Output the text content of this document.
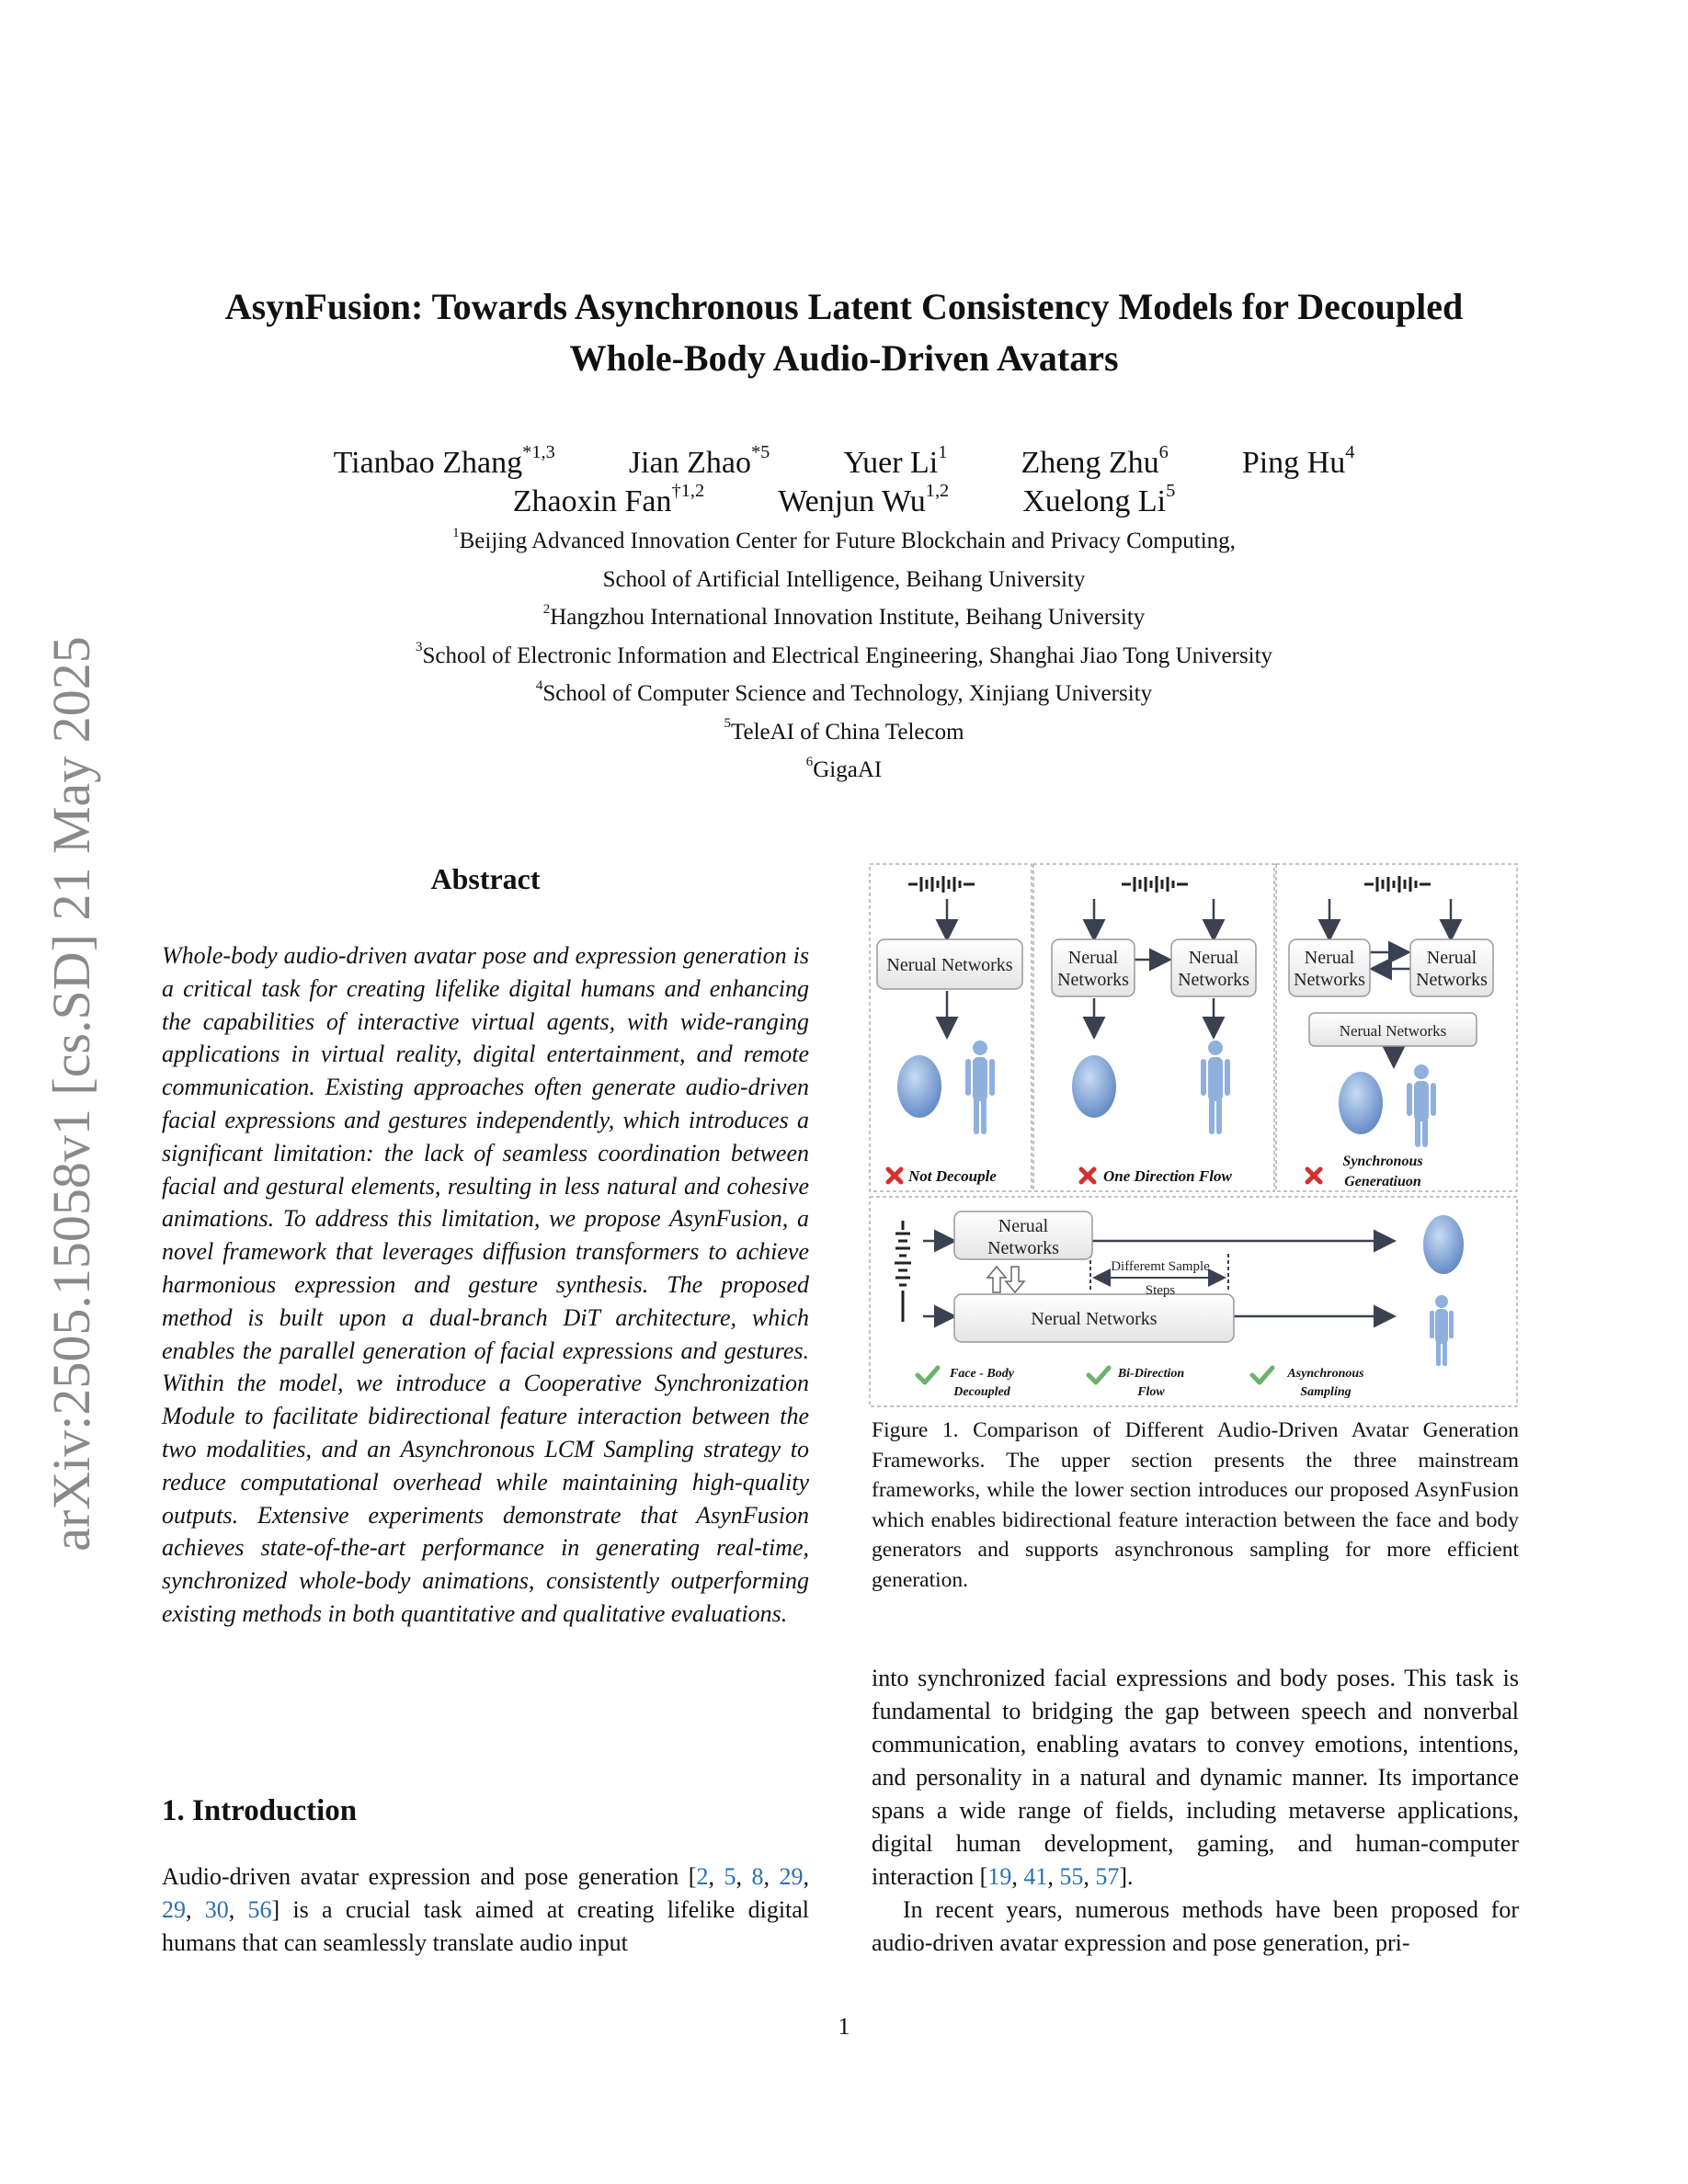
arXiv:2505.15058v1 [cs.SD] 21 May 2025
AsynFusion: Towards Asynchronous Latent Consistency Models for Decoupled
Whole-Body Audio-Driven Avatars
Tianbao Zhang$^{*1,3}$ Jian Zhao$^{*5}$ Yuer Li$^1$ Zheng Zhu$^6$ Ping Hu$^4$
Zhaoxin Fan$^{\dagger 1,2}$ Wenjun Wu$^{1,2}$ Xuelong Li$^5$
$^1$Beijing Advanced Innovation Center for Future Blockchain and Privacy Computing,
School of Artificial Intelligence, Beihang University
$^2$Hangzhou International Innovation Institute, Beihang University
$^3$School of Electronic Information and Electrical Engineering, Shanghai Jiao Tong University
$^4$School of Computer Science and Technology, Xinjiang University
$^5$TeleAI of China Telecom
$^6$GigaAI
Abstract
Whole-body audio-driven avatar pose and expression generation is a critical task for creating lifelike digital humans and enhancing the capabilities of interactive virtual agents, with wide-ranging applications in virtual reality, digital entertainment, and remote communication. Existing approaches often generate audio-driven facial expressions and gestures independently, which introduces a significant limitation: the lack of seamless coordination between facial and gestural elements, resulting in less natural and cohesive animations. To address this limitation, we propose AsynFusion, a novel framework that leverages diffusion transformers to achieve harmonious expression and gesture synthesis. The proposed method is built upon a dual-branch DiT architecture, which enables the parallel generation of facial expressions and gestures. Within the model, we introduce a Cooperative Synchronization Module to facilitate bidirectional feature interaction between the two modalities, and an Asynchronous LCM Sampling strategy to reduce computational overhead while maintaining high-quality outputs. Extensive experiments demonstrate that AsynFusion achieves state-of-the-art performance in generating real-time, synchronized whole-body animations, consistently outperforming existing methods in both quantitative and qualitative evaluations.
1. Introduction

Audio-driven avatar expression and pose generation [2, 5, 8, 29, 29, 30, 56] is a crucial task aimed at creating lifelike digital humans that can seamlessly translate audio input

into synchronized facial expressions and body poses. This task is fundamental to bridging the gap between speech and nonverbal communication, enabling avatars to convey emotions, intentions, and personality in a natural and dynamic manner. Its importance spans a wide range of fields, including metaverse applications, digital human development, gaming, and human-computer interaction [19, 41, 55, 57].

In recent years, numerous methods have been proposed for audio-driven avatar expression and pose generation, pri-

Nerual Networks	Nerual
Networks
Nerual
Networks
Nerual
Networks
Nerual
Networks
Nerual Networks
Nerual
Networks
Nerual Networks
Differemt Sample
Steps
Not Decouple	One Direction Flow
Synchronous
Generatiuon
Face - Body
Decoupled
Bi-Direction
Flow
Asynchronous
Sampling
Figure 1. Comparison of Different Audio-Driven Avatar Generation Frameworks. The upper section presents the three mainstream frameworks, while the lower section introduces our proposed AsynFusion which enables bidirectional feature interaction between the face and body generators and supports asynchronous sampling for more efficient generation.
1
